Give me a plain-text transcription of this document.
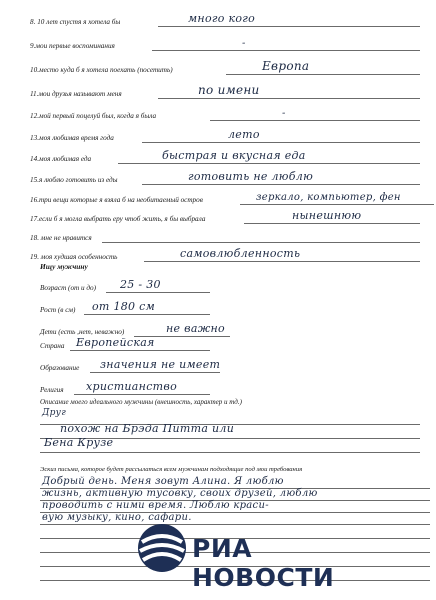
8. 10 лет спустя я хотела бы	много кого
9.мои первые воспоминания	-
10.место куда б я хотела поехать (посетить)	Европа
11.мои друзья называют меня	по имени
12.мой первый поцелуй был, когда я была	-
13.моя любимая время года	лето
14.моя любимая еда	быстрая и вкусная еда
15.я люблю готовить из еды	готовить не люблю
16.три вещи которые я взяла б на необитаемый остров	зеркало, компьютер, фен
17.если б я могла выбрать еру чтоб жить, я бы выбрала	нынешнюю
18. мне не нравится
19. моя худшая особенность	самовлюбленность
Ищу мужчину
Возраст (от и до) 25 - 30
Рост (в см) от 180 см
Дети (есть ,нет, неважно)	не важно
Страна Европейская
Образование значения не имеет
Религия христианство
Описание моего идеального мужчины (внешность, характер и тд.)
Друг
похож на Брэда Питта или
Бена Крузе
Эскиз письма, которое будет рассылаться всем мужчинам подходящие под мои требования
Добрый день. Меня зовут Алина. Я люблю
жизнь, активную тусовку, своих друзей, люблю
проводить с ними время. Люблю краси-
вую музыку, кино, сафари.
РИА НОВОСТИ
